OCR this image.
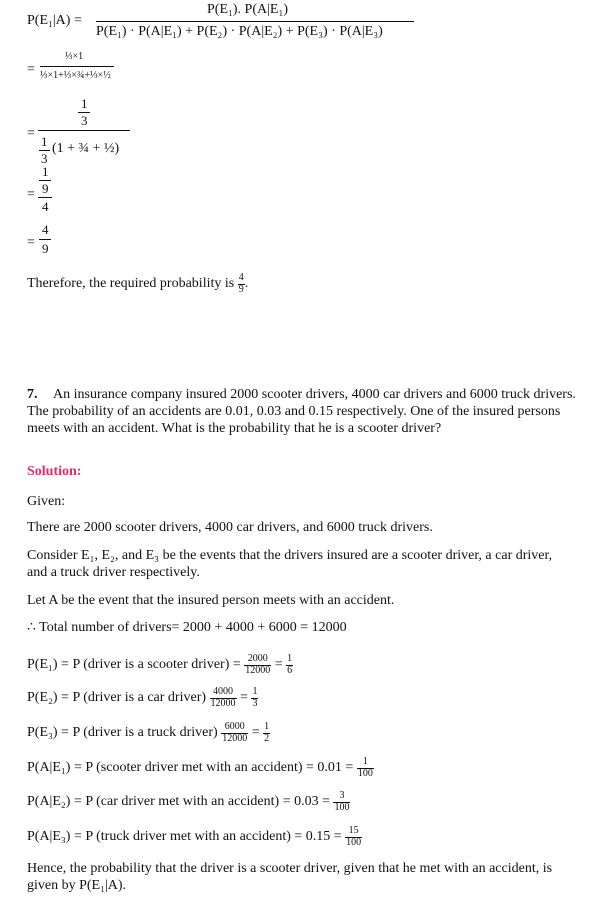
P(E₁|A) =
P(E₁). P(A|E₁)
P(E₁) · P(A|E₁) + P(E₂) · P(A|E₂) + P(E₃) · P(A|E₃)
=
⅓×1
⅓×1+⅓×¾+⅓×½
=
1
3
1
3
(1 + ¾ + ½)
=
1
9
4
=
4
9
Therefore, the required probability is $\frac{4}{9}$ .
7. An insurance company insured 2000 scooter drivers, 4000 car drivers and 6000 truck drivers.
The probability of an accidents are 0.01, 0.03 and 0.15 respectively. One of the insured persons
meets with an accident. What is the probability that he is a scooter driver?
Solution:
Given:
There are 2000 scooter drivers, 4000 car drivers, and 6000 truck drivers.
Consider E₁, E₂, and E₃ be the events that the drivers insured are a scooter driver, a car driver,
and a truck driver respectively.
Let A be the event that the insured person meets with an accident.
∴ Total number of drivers= 2000 + 4000 + 6000 = 12000
P(E₁) = P (driver is a scooter driver) = $\frac{2000}{12000} = \frac{1}{6}$
P(E₂) = P (driver is a car driver) $\frac{4000}{12000} = \frac{1}{3}$
P(E₃) = P (driver is a truck driver) $\frac{6000}{12000} = \frac{1}{2}$
P(A|E₁) = P (scooter driver met with an accident) = $0.01 = \frac{1}{100}$
P(A|E₂) = P (car driver met with an accident) = $0.03 = \frac{3}{100}$
P(A|E₃) = P (truck driver met with an accident) = $0.15 = \frac{15}{100}$
Hence, the probability that the driver is a scooter driver, given that he met with an accident, is
given by P(E₁|A).
